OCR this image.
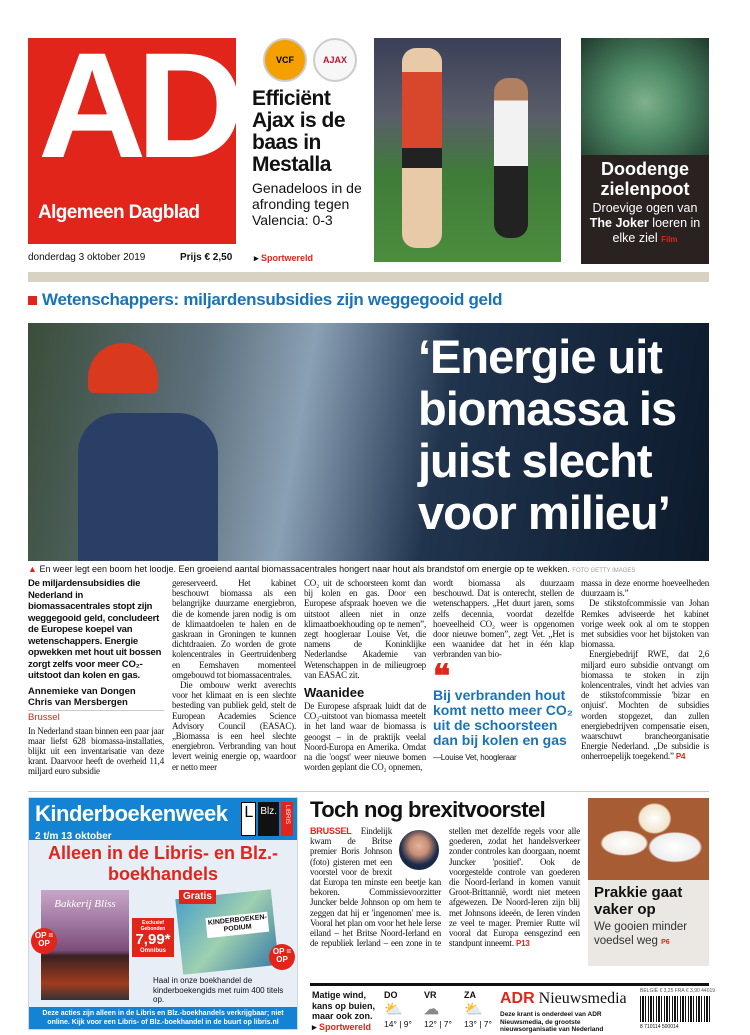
AD
Algemeen Dagblad
donderdag 3 oktober 2019	Prijs € 2,50
VCF	AJAX
Efficiënt Ajax is de baas in Mestalla

Genadeloos in de afronding tegen Valencia: 0-3

▸ Sportwereld
Doodenge zielenpoot

Droevige ogen van The Joker loeren in elke ziel Film

Wetenschappers: miljardensubsidies zijn weggegooid geld
‘Energie uit biomassa is juist slecht voor milieu’
▲ En weer legt een boom het loodje. Een groeiend aantal biomassacentrales hongert naar hout als brandstof om energie op te wekken. FOTO GETTY IMAGES

De miljardensubsidies die Nederland in biomassacentrales stopt zijn weggegooid geld, concludeert de Europese koepel van wetenschappers. Energie opwekken met hout uit bossen zorgt zelfs voor meer CO₂-uitstoot dan kolen en gas.

Annemieke van Dongen
Chris van Mersbergen
Brussel

In Nederland staan binnen een paar jaar maar liefst 628 biomassa-installaties, blijkt uit een inventarisatie van deze krant. Daarvoor heeft de overheid 11,4 miljard euro subsidie

gereserveerd. Het kabinet beschouwt biomassa als een belangrijke duurzame energiebron, die de komende jaren nodig is om de klimaatdoelen te halen en de gaskraan in Groningen te kunnen dichtdraaien. Zo worden de grote kolencentrales in Geertruidenberg en Eemshaven momenteel omgebouwd tot biomassacentrales.

Die ombouw werkt averechts voor het klimaat en is een slechte besteding van publiek geld, stelt de European Academies Science Advisory Council (EASAC). „Biomassa is een heel slechte energiebron. Verbranding van hout levert weinig energie op, waardoor er netto meer

CO₂ uit de schoorsteen komt dan bij kolen en gas. Door een Europese afspraak hoeven we die uitstoot alleen niet in onze klimaatboekhouding op te nemen”, zegt hoogleraar Louise Vet, die namens de Koninklijke Nederlandse Akademie van Wetenschappen in de milieugroep van EASAC zit.

Waanidee

De Europese afspraak luidt dat de CO₂-uitstoot van biomassa meetelt in het land waar de biomassa is geoogst – in de praktijk veelal Noord-Europa en Amerika. Omdat na die 'oogst' weer nieuwe bomen worden geplant die CO₂ opnemen,

wordt biomassa als duurzaam beschouwd. Dat is onterecht, stellen de wetenschappers. „Het duurt jaren, soms zelfs decennia, voordat dezelfde hoeveelheid CO₂ weer is opgenomen door nieuwe bomen”, zegt Vet. „Het is een waanidee dat het in één klap verbranden van bio-

❝
Bij verbranden hout komt netto meer CO₂ uit de schoorsteen dan bij kolen en gas
—Louise Vet, hoogleraar

massa in deze enorme hoeveelheden duurzaam is.”

De stikstofcommissie van Johan Remkes adviseerde het kabinet vorige week ook al om te stoppen met subsidies voor het bijstoken van biomassa.

Energiebedrijf RWE, dat 2,6 miljard euro subsidie ontvangt om biomassa te stoken in zijn kolencentrales, vindt het advies van de stikstofcommissie 'bizar en onjuist'. Mochten de subsidies worden stopgezet, dan zullen energiebedrijven compensatie eisen, waarschuwt brancheorganisatie Energie Nederland. „De subsidie is onherroepelijk toegekend.” P4

Kinderboekenweek
2 t/m 13 oktober
L Blz.	LIBRIS
Alleen in de Libris- en Blz.-boekhandels
Bakkerij Bliss
OP = OP
Exclusief Gebonden
7,99*
Omnibus
KINDERBOEKEN-PODIUM
Gratis
OP = OP
Haal in onze boekhandel de kinderboekengids met ruim 400 titels op.
Deze acties zijn alleen in de Libris en Blz.-boekhandels verkrijgbaar; niet online. Kijk voor een Libris- of Blz.-boekhandel in de buurt op libris.nl
Toch nog brexitvoorstel
BRUSSEL Eindelijk kwam de Britse premier Boris Johnson (foto) gisteren met een voorstel voor de brexit dat Europa ten minste een beetje kan bekoren. Commissievoorzitter Juncker belde Johnson op om hem te zeggen dat hij er 'ingenomen' mee is. Vooral het plan om voor het hele Ierse eiland – het Britse Noord-Ierland en de republiek Ierland – een zone in te stellen met dezelfde regels voor alle goederen, zodat het handelsverkeer zonder controles kan doorgaan, noemt Juncker 'positief'. Ook de voorgestelde controle van goederen die Noord-Ierland in komen vanuit Groot-Brittannië, wordt niet meteen afgewezen. De Noord-Ieren zijn blij met Johnsons ideeën, de Ieren vinden ze veel te mager. Premier Rutte wil vooral dat Europa eensgezind een standpunt inneemt. P13
Prakkie gaat vaker op

We gooien minder voedsel weg P6

Matige wind, kans op buien, maar ook zon.
▸ Sportwereld
DO
⛅
14° | 9°
VR
☁
12° | 7°
ZA
⛅
13° | 7°
ADR Nieuwsmedia

Deze krant is onderdeel van ADR Nieuwsmedia, de grootste nieuwsorganisatie van Nederland

BELGIË € 3,25 FRA € 3,90 44019
8 710114 500014
